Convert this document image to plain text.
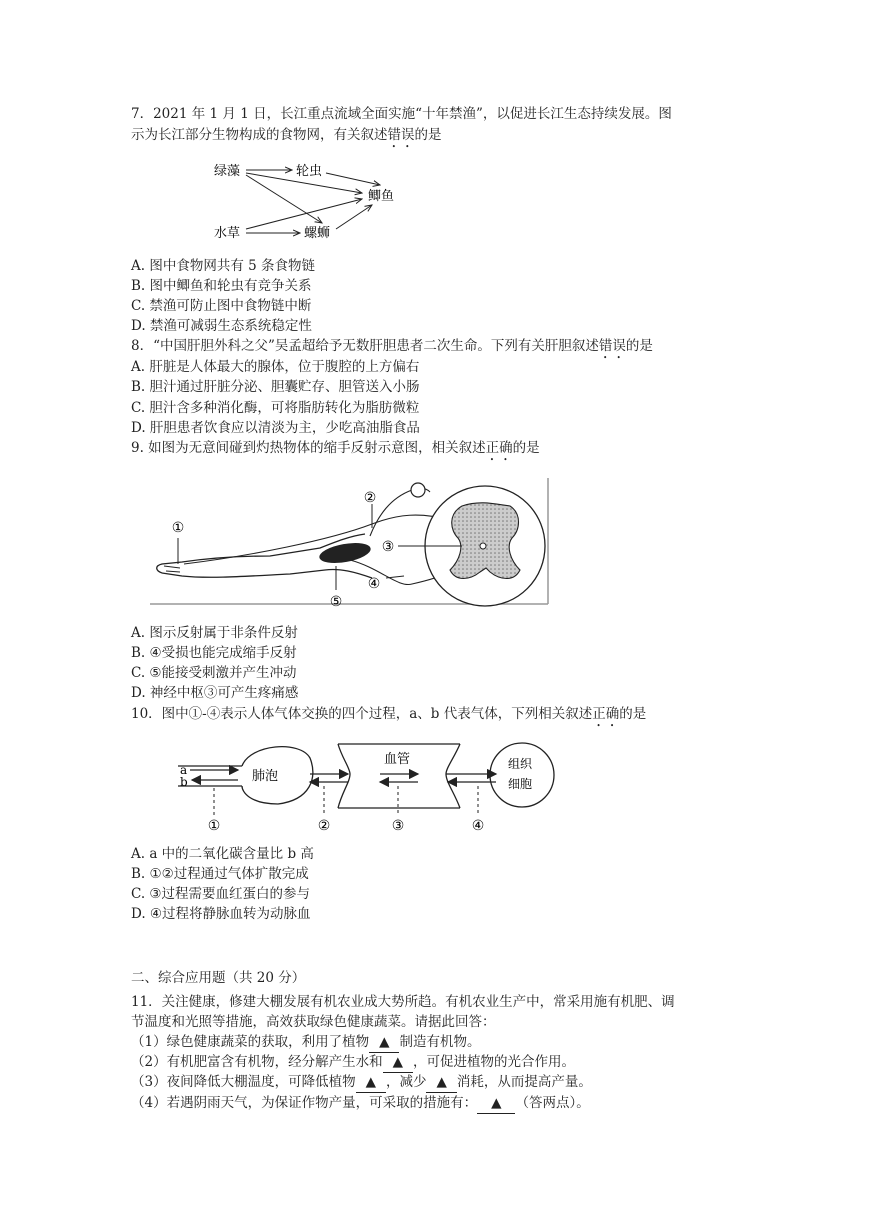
7．2021 年 1 月 1 日，长江重点流域全面实施“十年禁渔”，以促进长江生态持续发展。图
示为长江部分生物构成的食物网，有关叙述错误的是
绿藻	轮虫
鲫鱼
水草	螺蛳
A. 图中食物网共有 5 条食物链
B. 图中鲫鱼和轮虫有竞争关系
C. 禁渔可防止图中食物链中断
D. 禁渔可减弱生态系统稳定性
8．“中国肝胆外科之父”吴孟超给予无数肝胆患者二次生命。下列有关肝胆叙述错误的是
A. 肝脏是人体最大的腺体，位于腹腔的上方偏右
B. 胆汁通过肝脏分泌、胆囊贮存、胆管送入小肠
C. 胆汁含多种消化酶，可将脂肪转化为脂肪微粒
D. 肝胆患者饮食应以清淡为主，少吃高油脂食品
9. 如图为无意间碰到灼热物体的缩手反射示意图，相关叙述正确的是
①
②
③
④
⑤
A. 图示反射属于非条件反射
B. ④受损也能完成缩手反射
C. ⑤能接受刺激并产生冲动
D. 神经中枢③可产生疼痛感
10．图中①-④表示人体气体交换的四个过程，a、b 代表气体，下列相关叙述正确的是
肺泡
a
b
血管	组织
细胞
①	②	③	④
A. a 中的二氧化碳含量比 b 高
B. ①②过程通过气体扩散完成
C. ③过程需要血红蛋白的参与
D. ④过程将静脉血转为动脉血
二、综合应用题（共 20 分）
11．关注健康，修建大棚发展有机农业成大势所趋。有机农业生产中，常采用施有机肥、调
节温度和光照等措施，高效获取绿色健康蔬菜。请据此回答：
（1）绿色健康蔬菜的获取，利用了植物 ▲ 制造有机物。
（2）有机肥富含有机物，经分解产生水和 ▲ ，可促进植物的光合作用。
（3）夜间降低大棚温度，可降低植物 ▲ ，减少 ▲ 消耗，从而提高产量。
（4）若遇阴雨天气，为保证作物产量，可采取的措施有： ▲ （答两点）。
